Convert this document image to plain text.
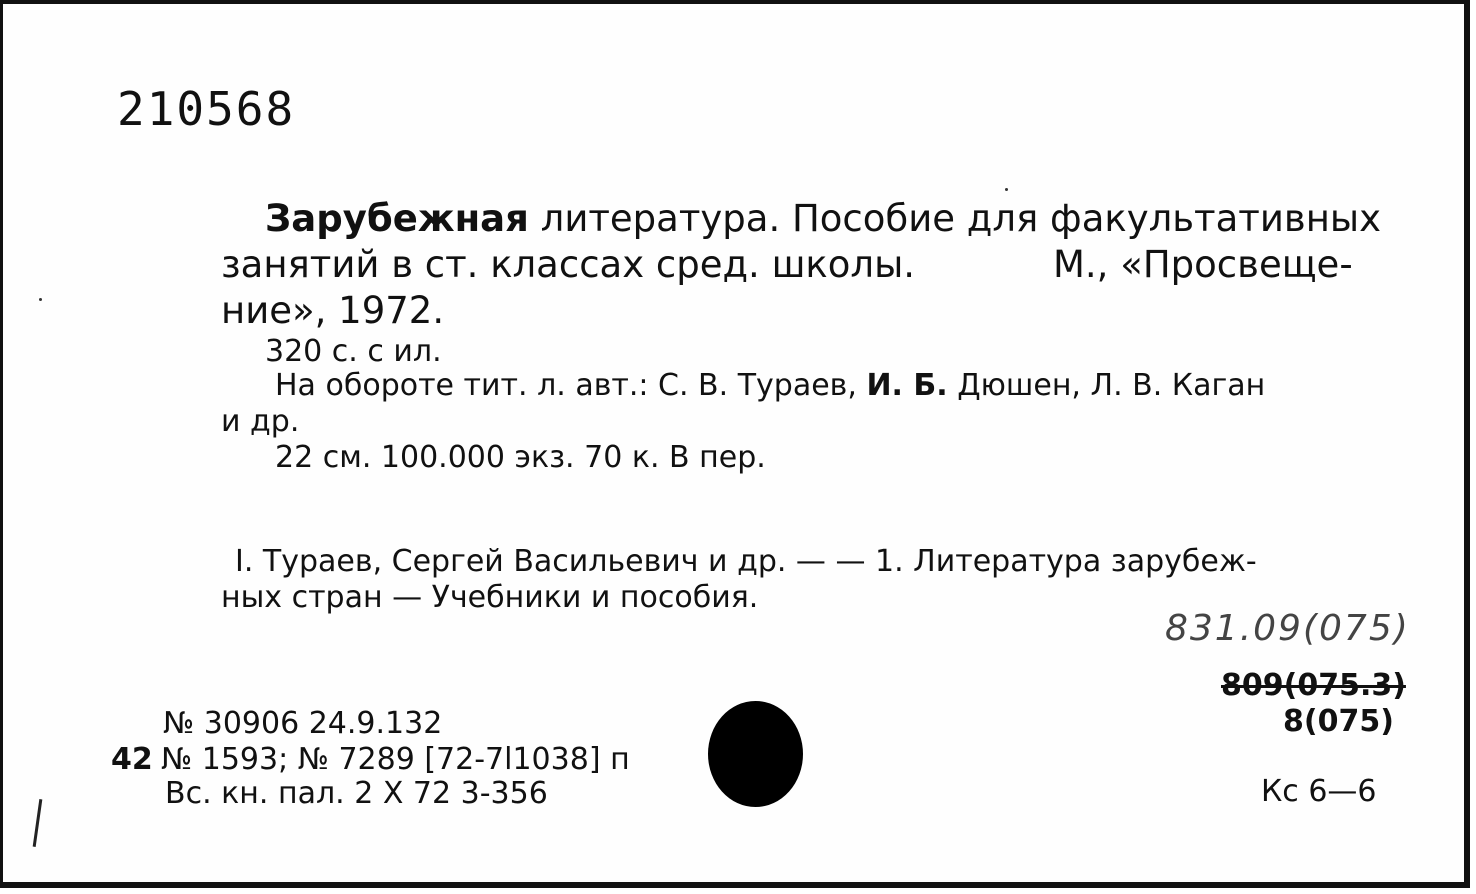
210568
Зарубежная литература. Пособие для факультативных
занятий в ст. классах сред. школы.	М., «Просвеще-
ние», 1972.
320 с. с ил.
На обороте тит. л. авт.: С. В. Тураев, И. Б. Дюшен, Л. В. Каган
и др.
22 см. 100.000 экз. 70 к. В пер.
I. Тураев, Сергей Васильевич и др. — — 1. Литература зарубеж-
ных стран — Учебники и пособия.
831.09(075)
809(075.3)
8(075)
Кс 6—6
№ 30906 24.9.132
42 № 1593; № 7289 [72-7l1038] п
Вс. кн. пал. 2 X 72 3-356
